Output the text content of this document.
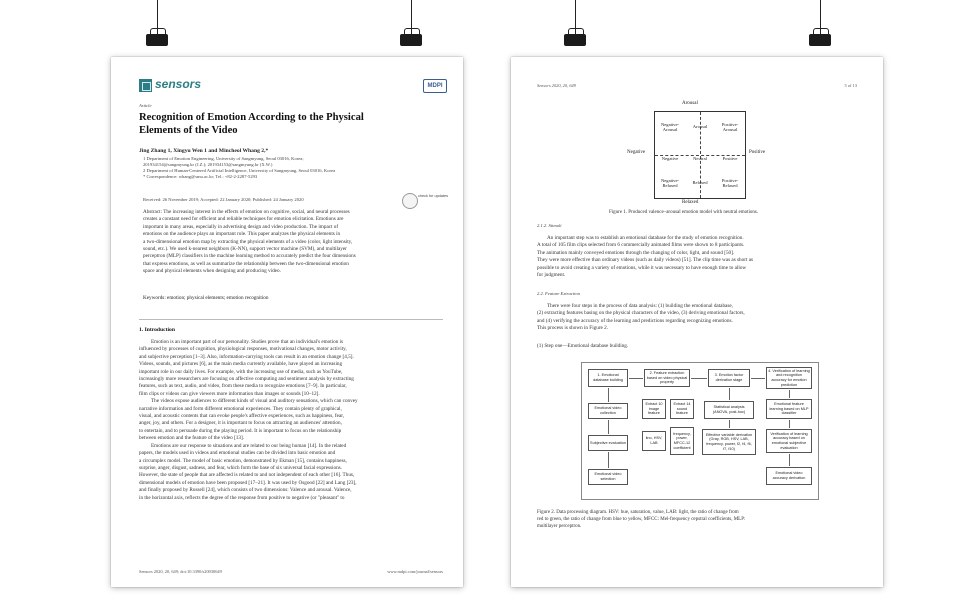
sensors	MDPI
Article
Recognition of Emotion According to the Physical
Elements of the Video
Jing Zhang 1, Xingyu Wen 1 and Mincheol Whang 2,*
1 Department of Emotion Engineering, University of Sangmyung, Seoul 03016, Korea;
201934154@sangmyung.kr (J.Z.); 201934153@sangmyung.kr (X.W.)
2 Department of Human-Centered Artificial Intelligence, University of Sangmyung, Seoul 03016, Korea
* Correspondence: whang@smu.ac.kr; Tel.: +82-2-2287-5293
check for updates
Received: 26 November 2019; Accepted: 22 January 2020; Published: 24 January 2020
Abstract: The increasing interest in the effects of emotion on cognitive, social, and neural processes
creates a constant need for efficient and reliable techniques for emotion elicitation. Emotions are
important in many areas, especially in advertising design and video production. The impact of
emotions on the audience plays an important role. This paper analyzes the physical elements in
a two-dimensional emotion map by extracting the physical elements of a video (color, light intensity,
sound, etc.). We used k-nearest neighbors (K-NN), support vector machine (SVM), and multilayer
perceptron (MLP) classifiers in the machine learning method to accurately predict the four dimensions
that express emotions, as well as summarize the relationship between the two-dimensional emotion
space and physical elements when designing and producing video.
Keywords: emotion; physical elements; emotion recognition
1. Introduction
Emotion is an important part of our personality. Studies prove that an individual's emotion is
influenced by processes of cognition, physiological responses, motivational changes, motor activity,
and subjective perception [1–3]. Also, information-carrying tools can result in an emotion change [4,5].
Videos, sounds, and pictures [6], as the main media currently available, have played an increasing
important role in our daily lives. For example, with the increasing use of media, such as YouTube,
increasingly more researchers are focusing on affective computing and sentiment analysis by extracting
features, such as text, audio, and video, from these media to recognize emotions [7–9]. In particular,
film clips or videos can give viewers more information than images or sounds [10–12].
The videos expose audiences to different kinds of visual and auditory sensations, which can convey
narrative information and form different emotional experiences. They contain plenty of graphical,
visual, and acoustic contents that can evoke people's affective experiences, such as happiness, fear,
anger, joy, and others. For a designer, it is important to focus on attracting an audiences' attention,
to entertain, and to persuade during the playing period. It is important to focus on the relationship
between emotion and the feature of the video [13].
Emotions are our response to situations and are related to our being human [14]. In the related
papers, the models used in videos and emotional studies can be divided into basic emotion and
a circumplex model. The model of basic emotion, demonstrated by Ekman [15], contains happiness,
surprise, anger, disgust, sadness, and fear, which form the base of six universal facial expressions.
However, the state of people that are affected is related to and not independent of each other [16]. Thus,
dimensional models of emotion have been proposed [17–21]. It was used by Osgood [22] and Lang [23],
and finally proposed by Russell [24], which consists of two dimensions: Valence and arousal. Valence,
in the horizontal axis, reflects the degree of the response from positive to negative (or "pleasant" to
Sensors 2020, 20, 649; doi:10.3390/s20030649	www.mdpi.com/journal/sensors
Sensors 2020, 20, 649	5 of 13
Arousal
Relaxed
Negative	Positive
Negative-Arousal
Arousal	Positive-Arousal
Negative	Neutral	Positive
Negative-Relaxed
Relaxed	Positive-Relaxed
Figure 1. Produced valence–arousal emotion model with neutral emotions.
2.1.2. Stimuli
An important step was to establish an emotional database for the study of emotion recognition.
A total of 105 film clips selected from 6 commercially animated films were shown to 8 participants.
The animation mainly conveyed emotions through the changing of color, light, and sound [50].
They were more effective than ordinary videos (such as daily videos) [51]. The clip time was as short as
possible to avoid creating a variety of emotions, while it was necessary to have enough time to allow
for judgment.
2.2. Feature Extraction
There were four steps in the process of data analysis: (1) building the emotional database,
(2) extracting features basing on the physical characters of the video, (3) deriving emotional factors,
and (4) verifying the accuracy of the learning and predictions regarding recognizing emotions.
This process is shown in Figure 2.
(1) Step one—Emotional database building.
1. Emotional database building
2. Feature extraction based on video physical property
3. Emotion factor derivation stage
4. Verification of learning and recognition accuracy for emotion prediction
Emotional video collection
Subjective evaluation
Emotional video selection
Extract 10 image feature
Extract 14 sound feature
lino, HSV, LAB
frequency, power, MFCC-12 coefficient
Statistical analysis (ANOVA, post-hoc)
Effective variable derivation (Gray, RGB, HSV, LAB, frequency, power, f2, f4, f6, f7, f10)
Emotional feature learning based on MLP classifier
Verification of learning accuracy based on emotional subjective evaluation
Emotional video accuracy derivation
Figure 2. Data processing diagram. HSV: hue, saturation, value, LAB: light, the ratio of change from
red to green, the ratio of change from blue to yellow, MFCC: Mel-frequency cepstral coefficients, MLP:
multilayer perceptron.
